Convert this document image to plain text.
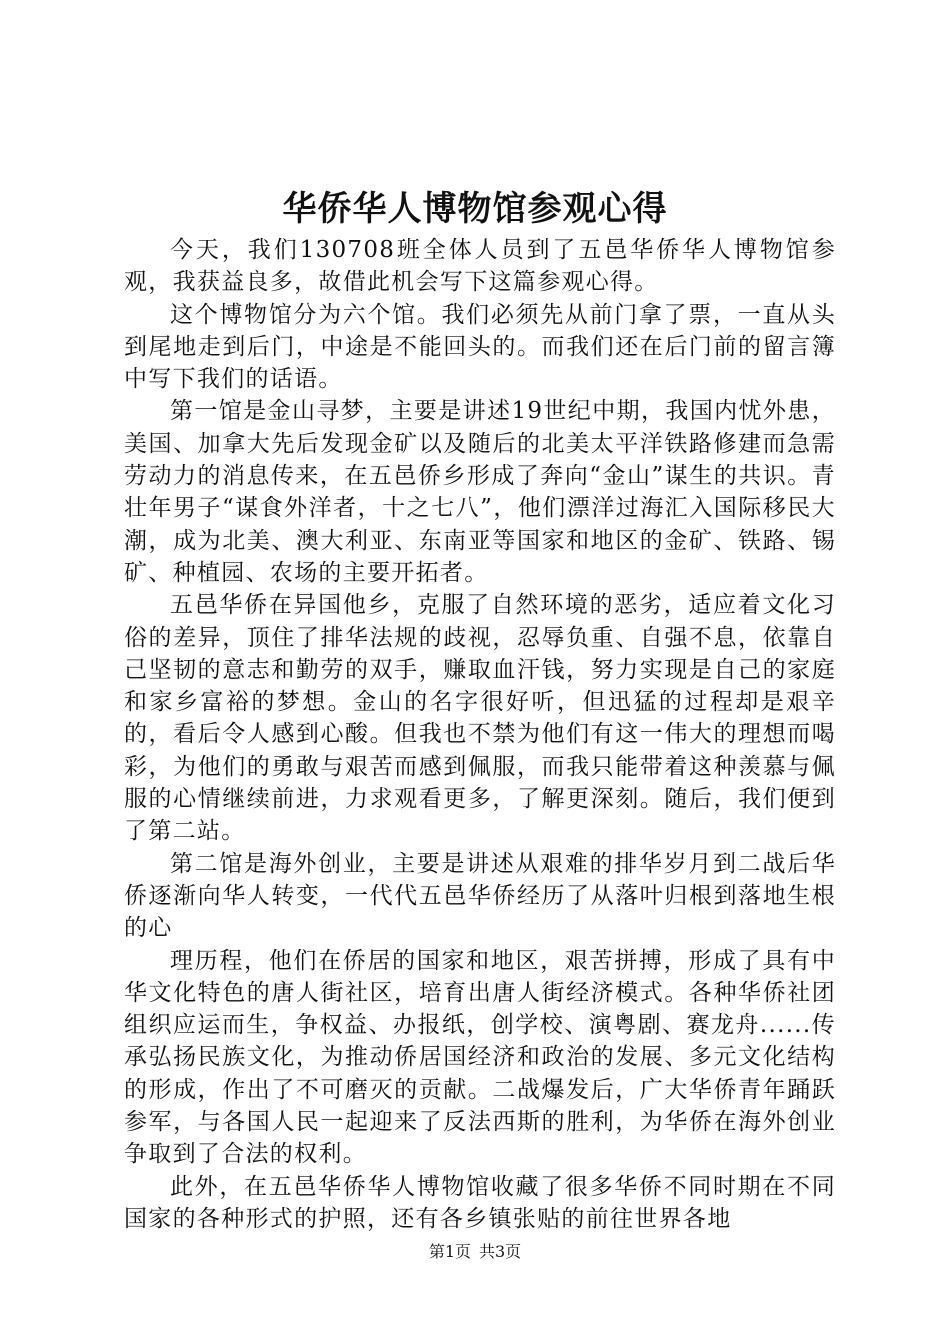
华侨华人博物馆参观心得

今天，我们130708班全体人员到了五邑华侨华人博物馆参观，我获益良多，故借此机会写下这篇参观心得。

这个博物馆分为六个馆。我们必须先从前门拿了票，一直从头到尾地走到后门，中途是不能回头的。而我们还在后门前的留言簿中写下我们的话语。

第一馆是金山寻梦，主要是讲述19世纪中期，我国内忧外患，美国、加拿大先后发现金矿以及随后的北美太平洋铁路修建而急需劳动力的消息传来，在五邑侨乡形成了奔向“金山”谋生的共识。青壮年男子“谋食外洋者，十之七八”，他们漂洋过海汇入国际移民大潮，成为北美、澳大利亚、东南亚等国家和地区的金矿、铁路、锡矿、种植园、农场的主要开拓者。

五邑华侨在异国他乡，克服了自然环境的恶劣，适应着文化习俗的差异，顶住了排华法规的歧视，忍辱负重、自强不息，依靠自己坚韧的意志和勤劳的双手，赚取血汗钱，努力实现是自己的家庭和家乡富裕的梦想。金山的名字很好听，但迅猛的过程却是艰辛的，看后令人感到心酸。但我也不禁为他们有这一伟大的理想而喝彩，为他们的勇敢与艰苦而感到佩服，而我只能带着这种羡慕与佩服的心情继续前进，力求观看更多，了解更深刻。随后，我们便到了第二站。

第二馆是海外创业，主要是讲述从艰难的排华岁月到二战后华侨逐渐向华人转变，一代代五邑华侨经历了从落叶归根到落地生根的心

理历程，他们在侨居的国家和地区，艰苦拼搏，形成了具有中华文化特色的唐人街社区，培育出唐人街经济模式。各种华侨社团组织应运而生，争权益、办报纸，创学校、演粤剧、赛龙舟......传承弘扬民族文化，为推动侨居国经济和政治的发展、多元文化结构的形成，作出了不可磨灭的贡献。二战爆发后，广大华侨青年踊跃参军，与各国人民一起迎来了反法西斯的胜利，为华侨在海外创业争取到了合法的权利。

此外，在五邑华侨华人博物馆收藏了很多华侨不同时期在不同国家的各种形式的护照，还有各乡镇张贴的前往世界各地

第1页 共3页
